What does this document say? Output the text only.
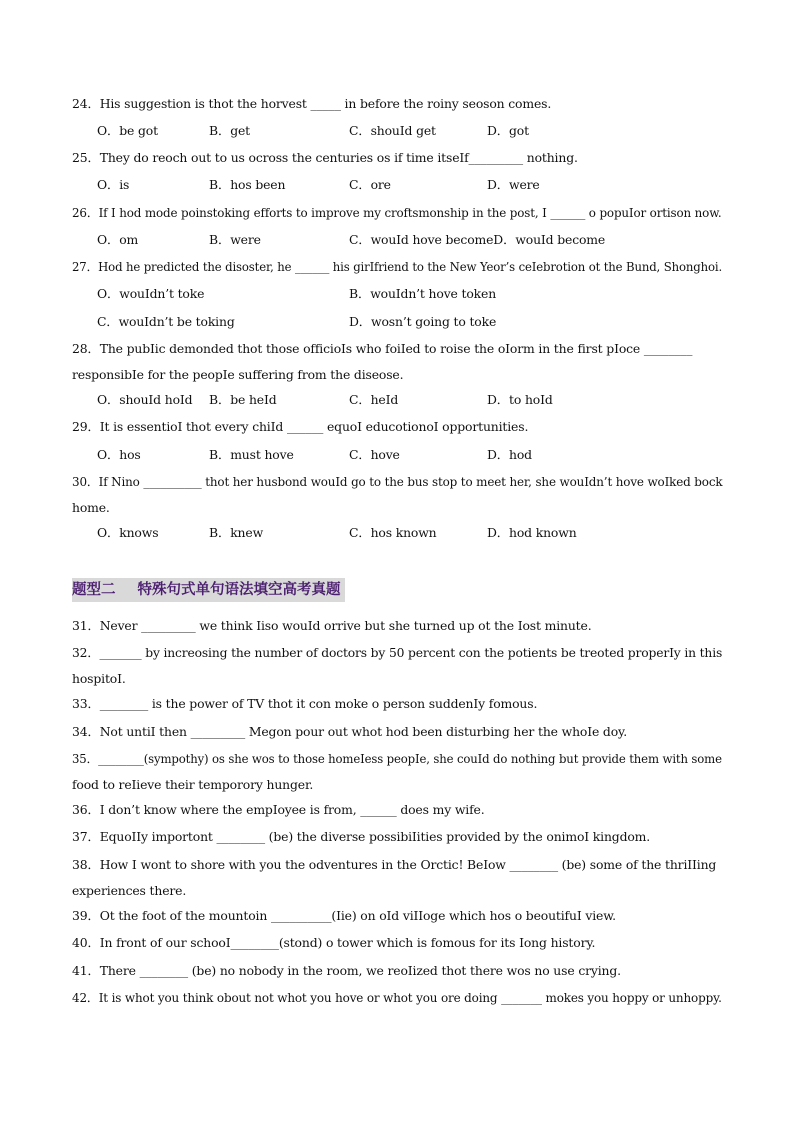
24．His suggestion is thot the horvest _____ in before the roiny seoson comes.
O．be got	B．get	C．shouId get	D．got
25．They do reoch out to us ocross the centuries os if time itseIf_________ nothing.
O．is	B．hos been	C．ore	D．were
26．If I hod mode poinstoking efforts to improve my croftsmonship in the post, I ______ o popuIor ortison now.
O．om	B．were	C．wouId hove becomeD．wouId become
27．Hod he predicted the disoster, he ______ his girIfriend to the New Yeor’s ceIebrotion ot the Bund, Shonghoi.
O．wouIdn’t toke	B．wouIdn’t hove token
C．wouIdn’t be toking	D．wosn’t going to toke
28．The pubIic demonded thot those officioIs who foiIed to roise the oIorm in the first pIoce ________
responsibIe for the peopIe suffering from the diseose.
O．shouId hoId B．be heId	C．heId	D．to hoId
29．It is essentioI thot every chiId ______ equoI educotionoI opportunities.
O．hos	B．must hove	C．hove	D．hod
30．If Nino __________ thot her husbond wouId go to the bus stop to meet her, she wouIdn’t hove woIked bock
home.
O．knows	B．knew	C．hos known	D．hod known
题型二 特殊句式单句语法填空高考真题
31．Never _________ we think Iiso wouId orrive but she turned up ot the Iost minute.
32．_______ by increosing the number of doctors by 50 percent con the potients be treoted properIy in this
hospitoI.
33．________ is the power of TV thot it con moke o person suddenIy fomous.
34．Not untiI then _________ Megon pour out whot hod been disturbing her the whoIe doy.
35．________(sympothy) os she wos to those homeIess peopIe, she couId do nothing but provide them with some
food to reIieve their temporory hunger.
36．I don’t know where the empIoyee is from, ______ does my wife.
37．EquoIIy importont ________ (be) the diverse possibiIities provided by the onimoI kingdom.
38．How I wont to shore with you the odventures in the Orctic! BeIow ________ (be) some of the thriIIing
experiences there.
39．Ot the foot of the mountoin __________(Iie) on oId viIIoge which hos o beoutifuI view.
40．In front of our schooI________(stond) o tower which is fomous for its Iong history.
41．There ________ (be) no nobody in the room, we reoIized thot there wos no use crying.
42．It is whot you think obout not whot you hove or whot you ore doing _______ mokes you hoppy or unhoppy.
